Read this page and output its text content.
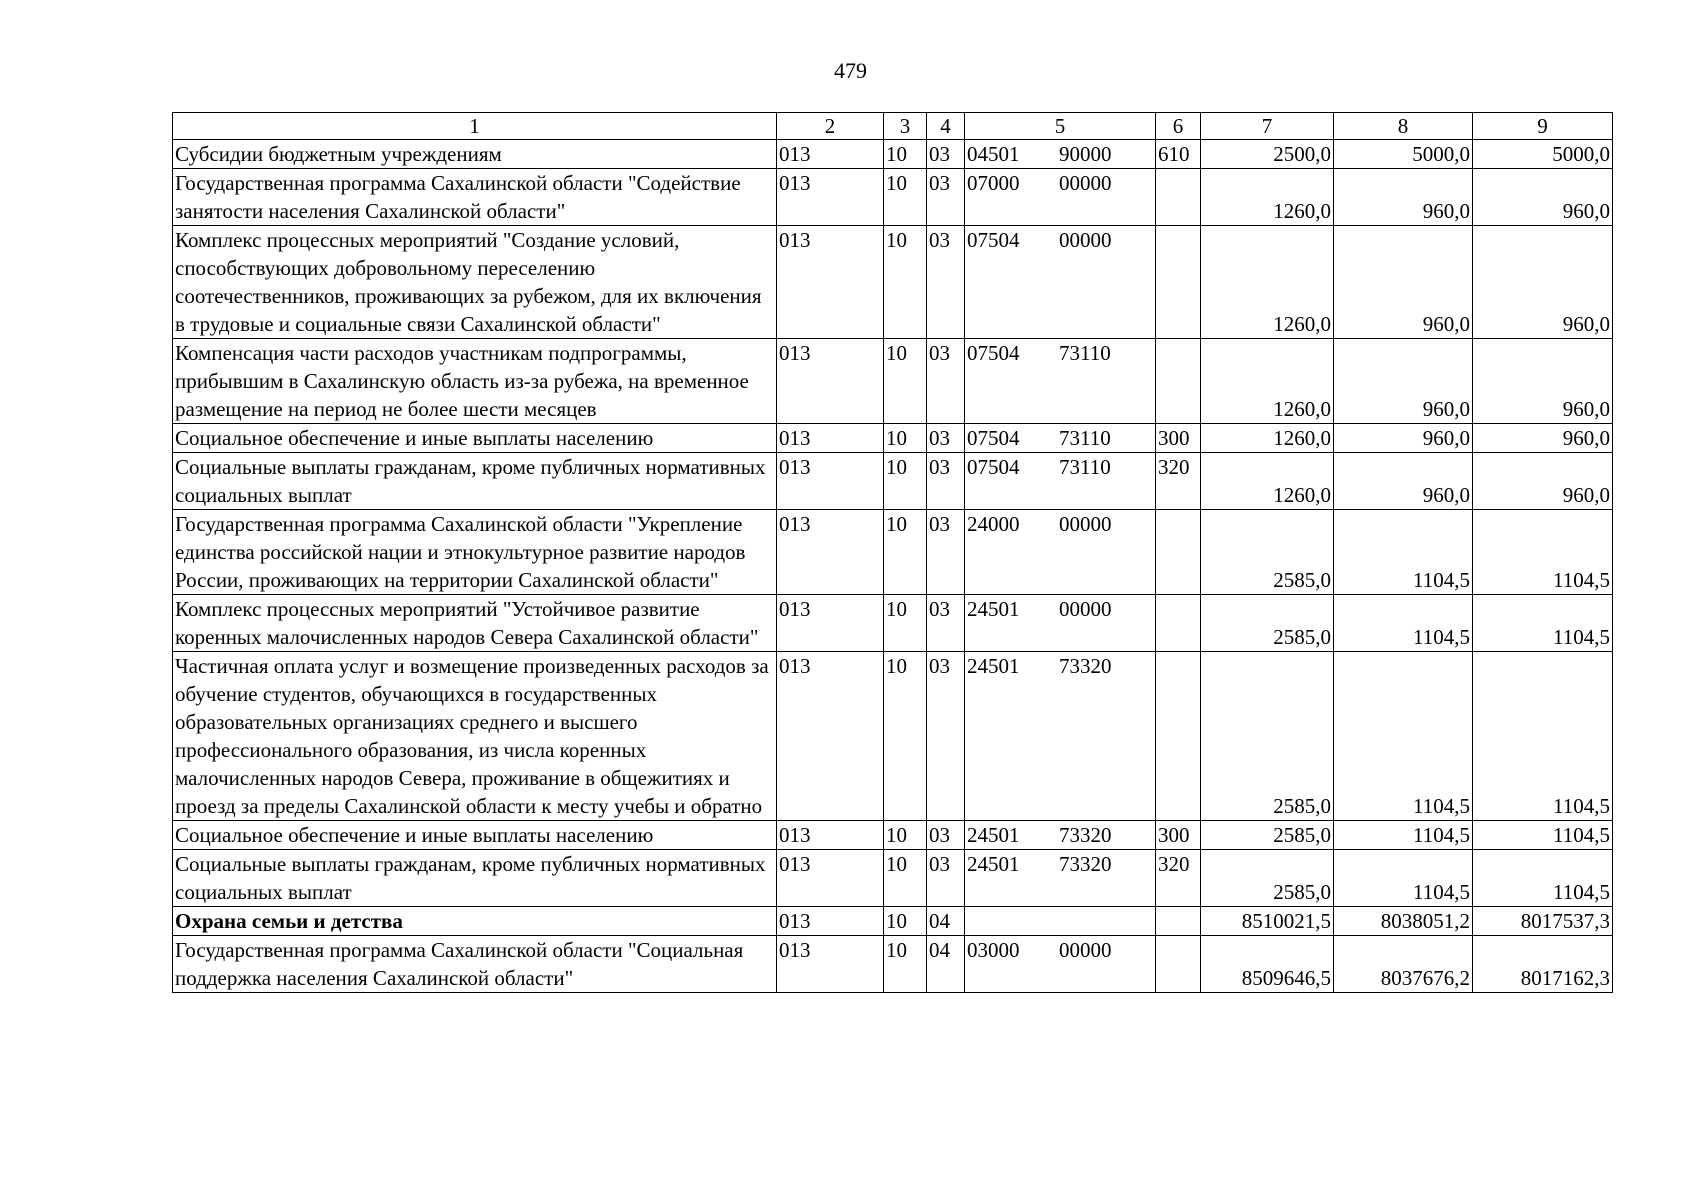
479
1	2	3	4	5	6	7	8	9
Субсидии бюджетным учреждениям	013	10	03	04501 90000	610	2500,0	5000,0	5000,0
Государственная программа Сахалинской области "Содействие занятости населения Сахалинской области"	013	10	03	07000 00000		1260,0	960,0	960,0
Комплекс процессных мероприятий "Создание условий, способствующих добровольному переселению соотечественников, проживающих за рубежом, для их включения в трудовые и социальные связи Сахалинской области"	013	10	03	07504 00000		1260,0	960,0	960,0
Компенсация части расходов участникам подпрограммы, прибывшим в Сахалинскую область из-за рубежа, на временное размещение на период не более шести месяцев	013	10	03	07504 73110		1260,0	960,0	960,0
Социальное обеспечение и иные выплаты населению	013	10	03	07504 73110	300	1260,0	960,0	960,0
Социальные выплаты гражданам, кроме публичных нормативных социальных выплат	013	10	03	07504 73110	320	1260,0	960,0	960,0
Государственная программа Сахалинской области "Укрепление единства российской нации и этнокультурное развитие народов России, проживающих на территории Сахалинской области"	013	10	03	24000 00000		2585,0	1104,5	1104,5
Комплекс процессных мероприятий "Устойчивое развитие коренных малочисленных народов Севера Сахалинской области"	013	10	03	24501 00000		2585,0	1104,5	1104,5
Частичная оплата услуг и возмещение произведенных расходов за обучение студентов, обучающихся в государственных образовательных организациях среднего и высшего профессионального образования, из числа коренных малочисленных народов Севера, проживание в общежитиях и проезд за пределы Сахалинской области к месту учебы и обратно	013	10	03	24501 73320		2585,0	1104,5	1104,5
Социальное обеспечение и иные выплаты населению	013	10	03	24501 73320	300	2585,0	1104,5	1104,5
Социальные выплаты гражданам, кроме публичных нормативных социальных выплат	013	10	03	24501 73320	320	2585,0	1104,5	1104,5
Охрана семьи и детства	013	10	04			8510021,5	8038051,2	8017537,3
Государственная программа Сахалинской области "Социальная поддержка населения Сахалинской области"	013	10	04	03000 00000		8509646,5	8037676,2	8017162,3
